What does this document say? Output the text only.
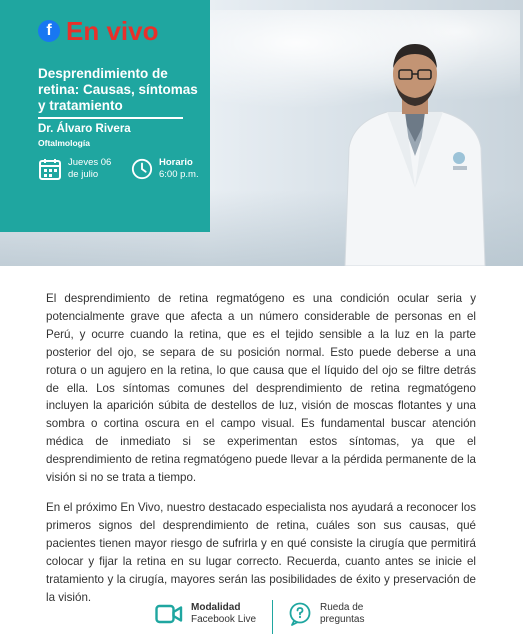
f En vivo
Desprendimiento de retina: Causas, síntomas y tratamiento
Dr. Álvaro Rivera
Oftalmología
Jueves 06
de julio
Horario
6:00 p.m.

El desprendimiento de retina regmatógeno es una condición ocular seria y potencialmente grave que afecta a un número considerable de personas en el Perú, y ocurre cuando la retina, que es el tejido sensible a la luz en la parte posterior del ojo, se separa de su posición normal. Esto puede deberse a una rotura o un agujero en la retina, lo que causa que el líquido del ojo se filtre detrás de ella. Los síntomas comunes del desprendimiento de retina regmatógeno incluyen la aparición súbita de destellos de luz, visión de moscas flotantes y una sombra o cortina oscura en el campo visual. Es fundamental buscar atención médica de inmediato si se experimentan estos síntomas, ya que el desprendimiento de retina regmatógeno puede llevar a la pérdida permanente de la visión si no se trata a tiempo.

En el próximo En Vivo, nuestro destacado especialista nos ayudará a reconocer los primeros signos del desprendimiento de retina, cuáles son sus causas, qué pacientes tienen mayor riesgo de sufrirla y en qué consiste la cirugía que permitirá colocar y fijar la retina en su lugar correcto. Recuerda, cuanto antes se inicie el tratamiento y la cirugía, mayores serán las posibilidades de éxito y preservación de la visión.

Modalidad
Facebook Live
Rueda de
preguntas
